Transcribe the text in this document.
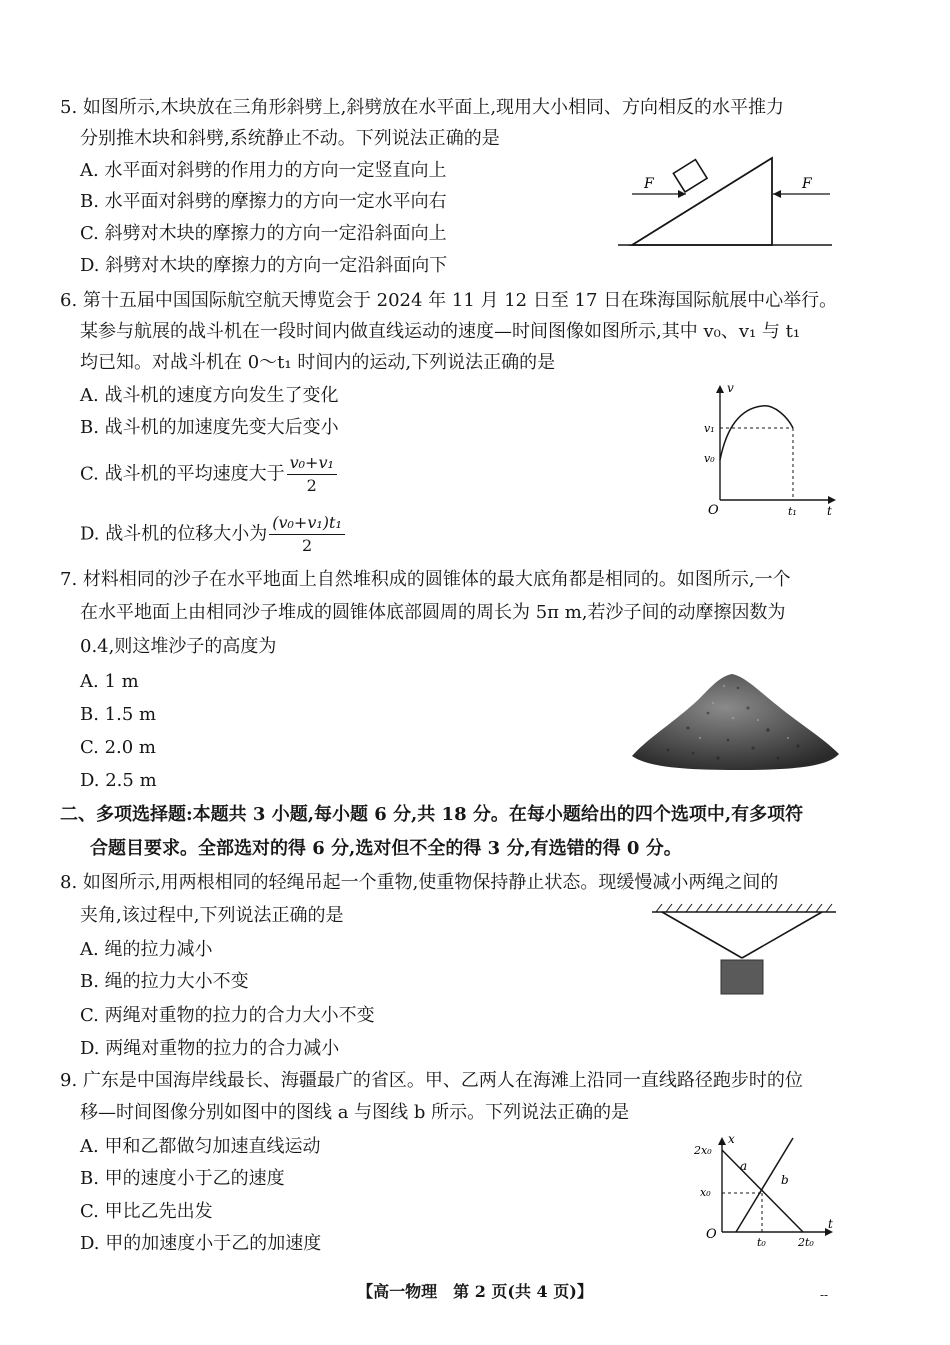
5. 如图所示,木块放在三角形斜劈上,斜劈放在水平面上,现用大小相同、方向相反的水平推力
分别推木块和斜劈,系统静止不动。下列说法正确的是
A. 水平面对斜劈的作用力的方向一定竖直向上
B. 水平面对斜劈的摩擦力的方向一定水平向右
C. 斜劈对木块的摩擦力的方向一定沿斜面向上
D. 斜劈对木块的摩擦力的方向一定沿斜面向下
F	F
6. 第十五届中国国际航空航天博览会于 2024 年 11 月 12 日至 17 日在珠海国际航展中心举行。
某参与航展的战斗机在一段时间内做直线运动的速度—时间图像如图所示,其中 v₀、v₁ 与 t₁
均已知。对战斗机在 0～t₁ 时间内的运动,下列说法正确的是
A. 战斗机的速度方向发生了变化
B. 战斗机的加速度先变大后变小
C. 战斗机的平均速度大于 $\frac{\text{v₀+v₁}}{2}$
D. 战斗机的位移大小为 $\frac{\text{(v₀+v₁)t₁}}{2}$
v
t
O
v₁
v₀
t₁
7. 材料相同的沙子在水平地面上自然堆积成的圆锥体的最大底角都是相同的。如图所示,一个
在水平地面上由相同沙子堆成的圆锥体底部圆周的周长为 5π m,若沙子间的动摩擦因数为
0.4,则这堆沙子的高度为
A. 1 m
B. 1.5 m
C. 2.0 m
D. 2.5 m
二、多项选择题:本题共 3 小题,每小题 6 分,共 18 分。在每小题给出的四个选项中,有多项符
合题目要求。全部选对的得 6 分,选对但不全的得 3 分,有选错的得 0 分。
8. 如图所示,用两根相同的轻绳吊起一个重物,使重物保持静止状态。现缓慢减小两绳之间的
夹角,该过程中,下列说法正确的是
A. 绳的拉力减小
B. 绳的拉力大小不变
C. 两绳对重物的拉力的合力大小不变
D. 两绳对重物的拉力的合力减小
9. 广东是中国海岸线最长、海疆最广的省区。甲、乙两人在海滩上沿同一直线路径跑步时的位
移—时间图像分别如图中的图线 a 与图线 b 所示。下列说法正确的是
A. 甲和乙都做匀加速直线运动
B. 甲的速度小于乙的速度
C. 甲比乙先出发
D. 甲的加速度小于乙的加速度
x
t
O
2x₀
x₀
t₀	2t₀
a
b
【高一物理　第 2 页(共 4 页)】	--
